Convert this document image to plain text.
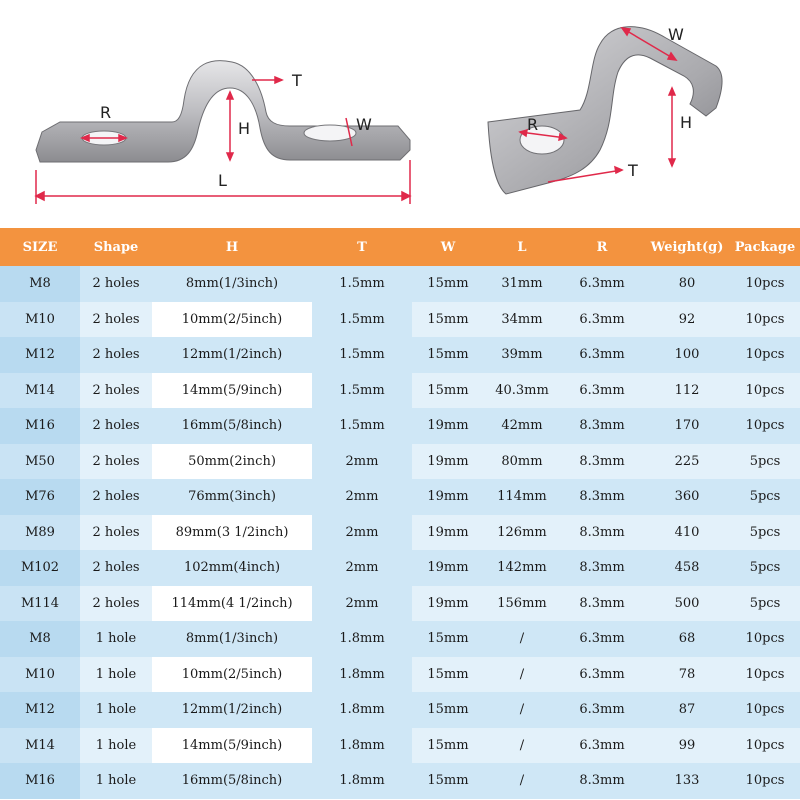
R
H
T
W
L
W
H
R
T
SIZE	Shape	H	T	W	L	R	Weight(g)	Package
M8	2 holes	8mm(1/3inch)	1.5mm	15mm	31mm	6.3mm	80	10pcs
M10	2 holes	10mm(2/5inch)	1.5mm	15mm	34mm	6.3mm	92	10pcs
M12	2 holes	12mm(1/2inch)	1.5mm	15mm	39mm	6.3mm	100	10pcs
M14	2 holes	14mm(5/9inch)	1.5mm	15mm	40.3mm	6.3mm	112	10pcs
M16	2 holes	16mm(5/8inch)	1.5mm	19mm	42mm	8.3mm	170	10pcs
M50	2 holes	50mm(2inch)	2mm	19mm	80mm	8.3mm	225	5pcs
M76	2 holes	76mm(3inch)	2mm	19mm	114mm	8.3mm	360	5pcs
M89	2 holes	89mm(3 1/2inch)	2mm	19mm	126mm	8.3mm	410	5pcs
M102	2 holes	102mm(4inch)	2mm	19mm	142mm	8.3mm	458	5pcs
M114	2 holes	114mm(4 1/2inch)	2mm	19mm	156mm	8.3mm	500	5pcs
M8	1 hole	8mm(1/3inch)	1.8mm	15mm	/	6.3mm	68	10pcs
M10	1 hole	10mm(2/5inch)	1.8mm	15mm	/	6.3mm	78	10pcs
M12	1 hole	12mm(1/2inch)	1.8mm	15mm	/	6.3mm	87	10pcs
M14	1 hole	14mm(5/9inch)	1.8mm	15mm	/	6.3mm	99	10pcs
M16	1 hole	16mm(5/8inch)	1.8mm	15mm	/	8.3mm	133	10pcs
